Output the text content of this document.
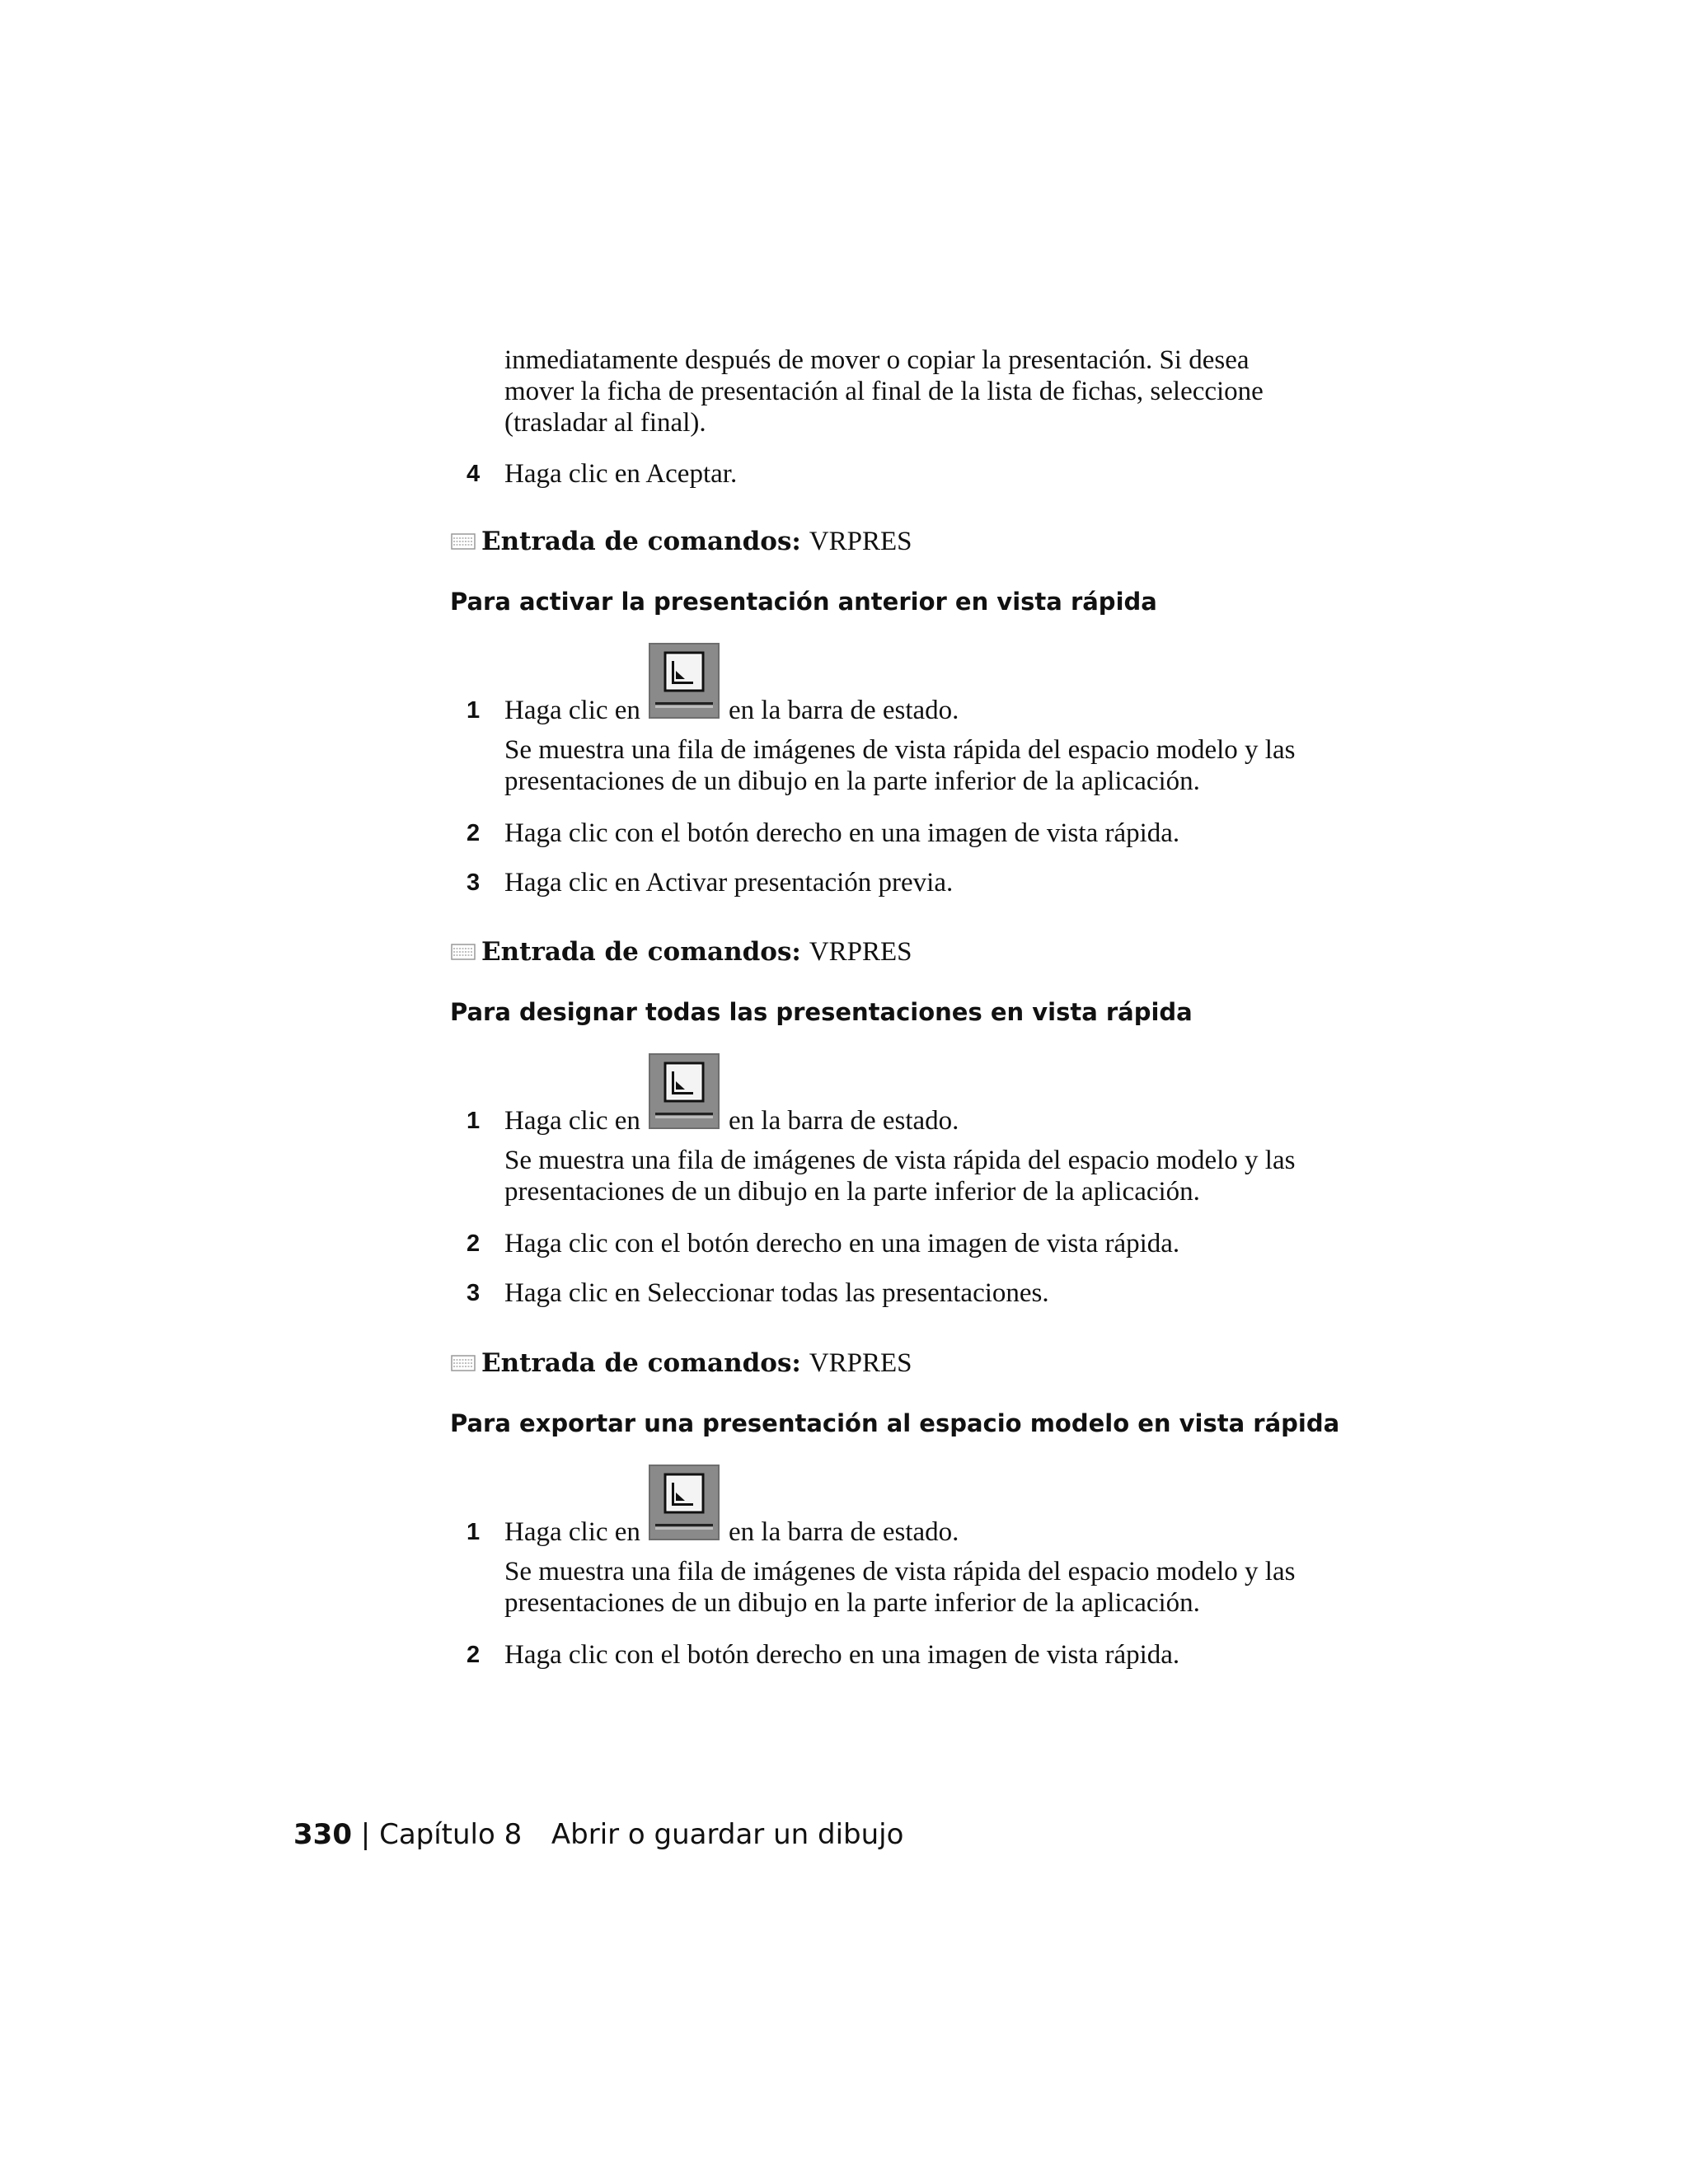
inmediatamente después de mover o copiar la presentación. Si desea
mover la ficha de presentación al final de la lista de fichas, seleccione
(trasladar al final).
4 Haga clic en Aceptar.
Entrada de comandos: VRPRES
Para activar la presentación anterior en vista rápida
1 Haga clic en	en la barra de estado.
Se muestra una fila de imágenes de vista rápida del espacio modelo y las
presentaciones de un dibujo en la parte inferior de la aplicación.
2 Haga clic con el botón derecho en una imagen de vista rápida.
3 Haga clic en Activar presentación previa.
Entrada de comandos: VRPRES
Para designar todas las presentaciones en vista rápida
1 Haga clic en	en la barra de estado.
Se muestra una fila de imágenes de vista rápida del espacio modelo y las
presentaciones de un dibujo en la parte inferior de la aplicación.
2 Haga clic con el botón derecho en una imagen de vista rápida.
3 Haga clic en Seleccionar todas las presentaciones.
Entrada de comandos: VRPRES
Para exportar una presentación al espacio modelo en vista rápida
1 Haga clic en	en la barra de estado.
Se muestra una fila de imágenes de vista rápida del espacio modelo y las
presentaciones de un dibujo en la parte inferior de la aplicación.
2 Haga clic con el botón derecho en una imagen de vista rápida.
330 | Capítulo 8 Abrir o guardar un dibujo
